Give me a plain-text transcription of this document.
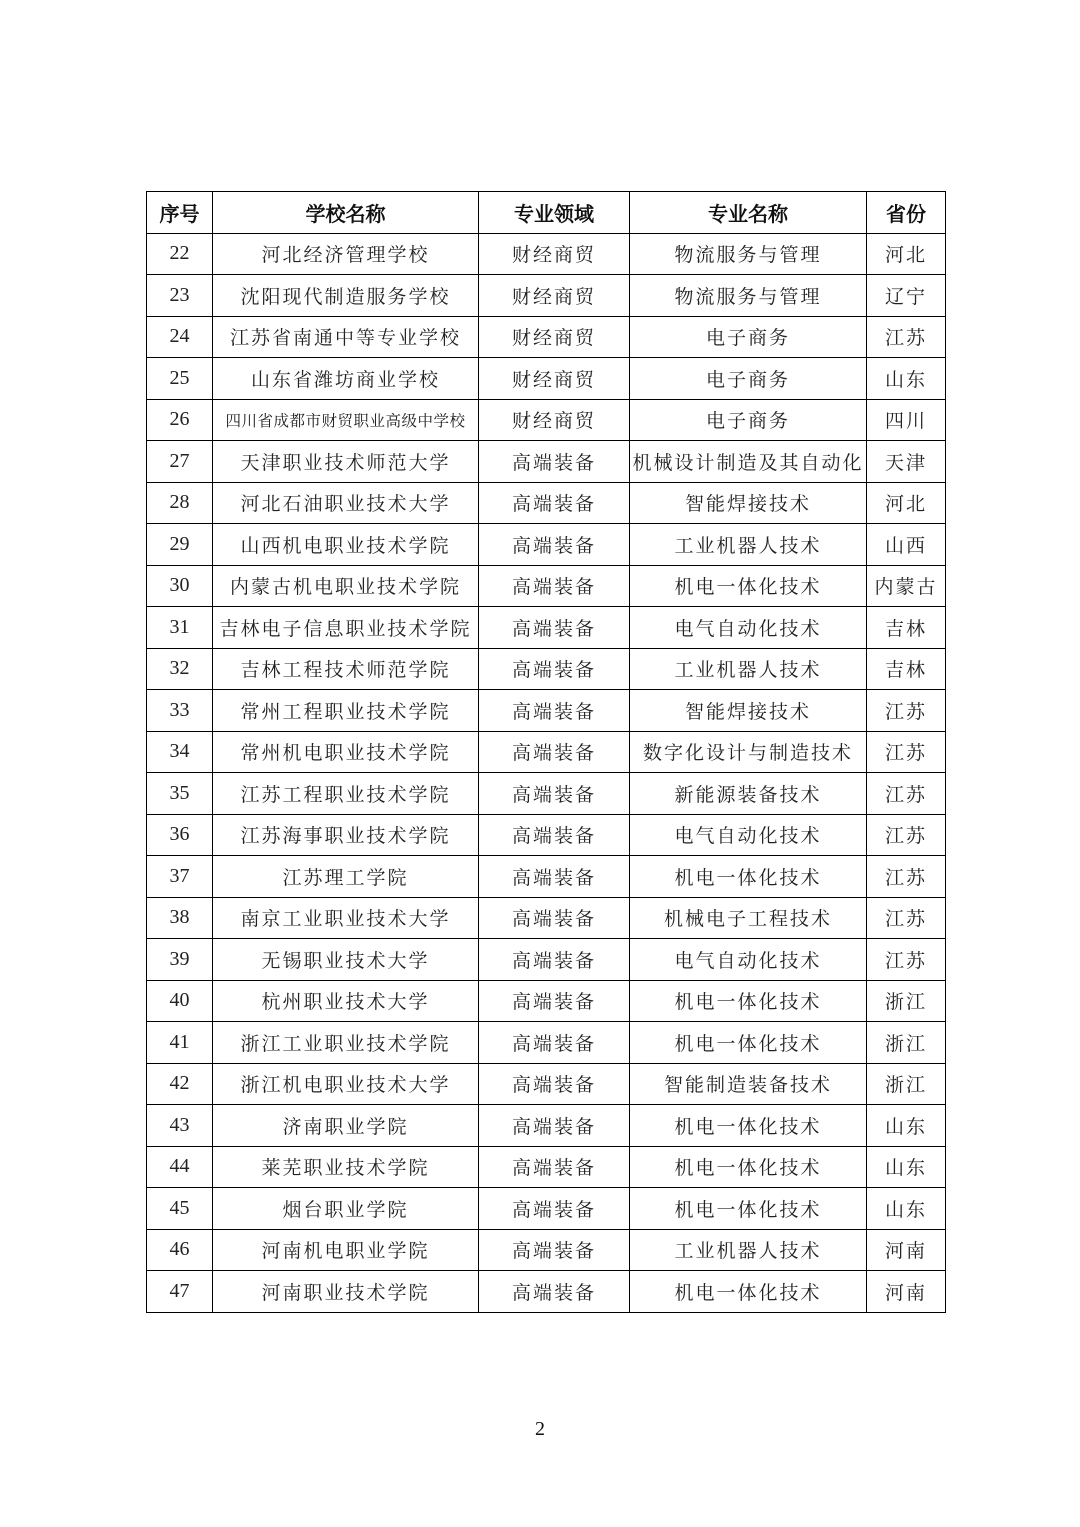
序号	学校名称	专业领域	专业名称	省份
22	河北经济管理学校	财经商贸	物流服务与管理	河北
23	沈阳现代制造服务学校	财经商贸	物流服务与管理	辽宁
24	江苏省南通中等专业学校	财经商贸	电子商务	江苏
25	山东省潍坊商业学校	财经商贸	电子商务	山东
26	四川省成都市财贸职业高级中学校	财经商贸	电子商务	四川
27	天津职业技术师范大学	高端装备	机械设计制造及其自动化	天津
28	河北石油职业技术大学	高端装备	智能焊接技术	河北
29	山西机电职业技术学院	高端装备	工业机器人技术	山西
30	内蒙古机电职业技术学院	高端装备	机电一体化技术	内蒙古
31	吉林电子信息职业技术学院	高端装备	电气自动化技术	吉林
32	吉林工程技术师范学院	高端装备	工业机器人技术	吉林
33	常州工程职业技术学院	高端装备	智能焊接技术	江苏
34	常州机电职业技术学院	高端装备	数字化设计与制造技术	江苏
35	江苏工程职业技术学院	高端装备	新能源装备技术	江苏
36	江苏海事职业技术学院	高端装备	电气自动化技术	江苏
37	江苏理工学院	高端装备	机电一体化技术	江苏
38	南京工业职业技术大学	高端装备	机械电子工程技术	江苏
39	无锡职业技术大学	高端装备	电气自动化技术	江苏
40	杭州职业技术大学	高端装备	机电一体化技术	浙江
41	浙江工业职业技术学院	高端装备	机电一体化技术	浙江
42	浙江机电职业技术大学	高端装备	智能制造装备技术	浙江
43	济南职业学院	高端装备	机电一体化技术	山东
44	莱芜职业技术学院	高端装备	机电一体化技术	山东
45	烟台职业学院	高端装备	机电一体化技术	山东
46	河南机电职业学院	高端装备	工业机器人技术	河南
47	河南职业技术学院	高端装备	机电一体化技术	河南
2
